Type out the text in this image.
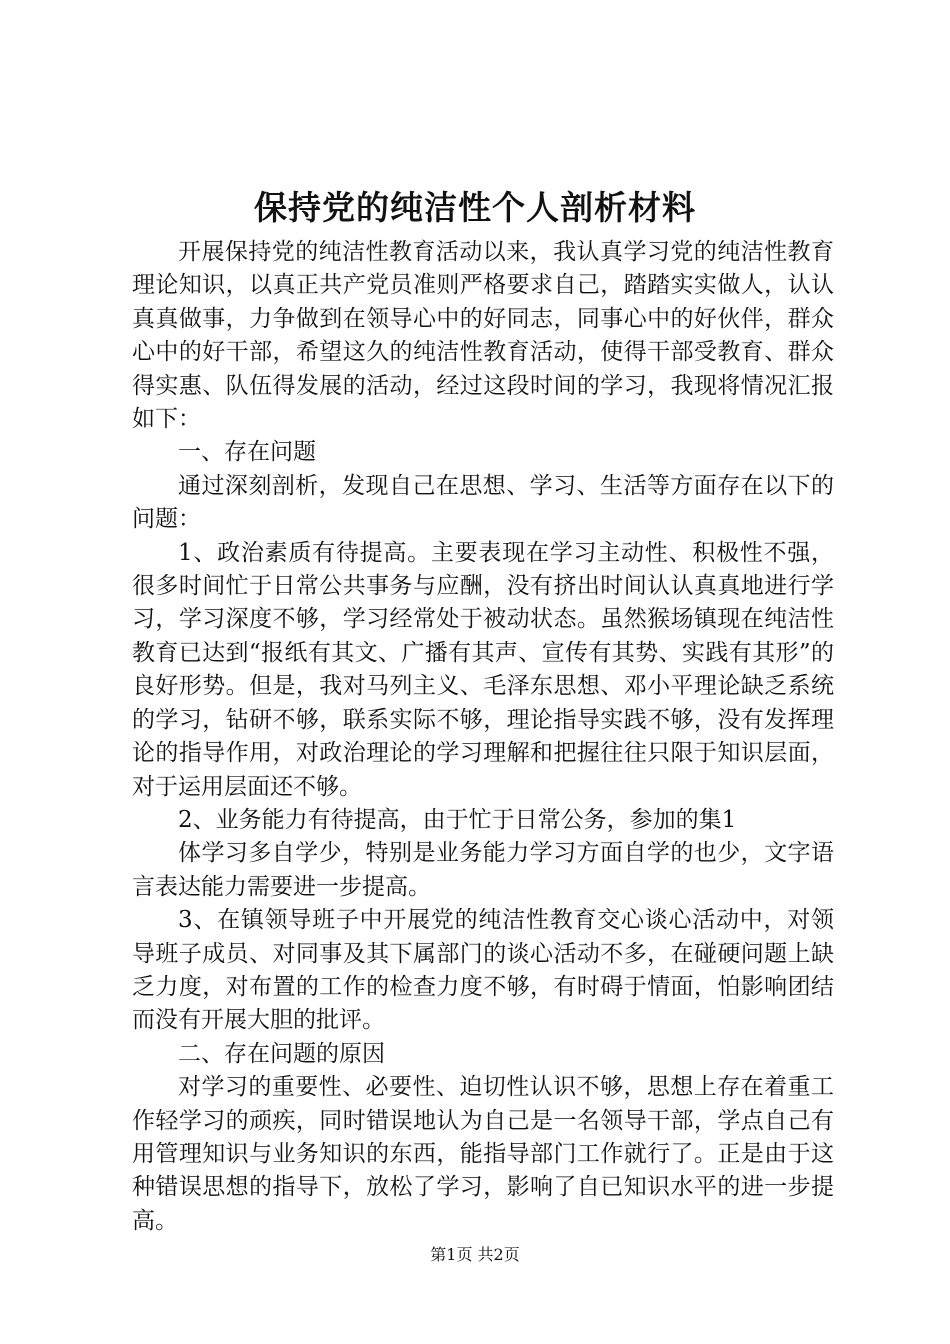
保持党的纯洁性个人剖析材料

开展保持党的纯洁性教育活动以来，我认真学习党的纯洁性教育理论知识，以真正共产党员准则严格要求自己，踏踏实实做人，认认真真做事，力争做到在领导心中的好同志，同事心中的好伙伴，群众心中的好干部，希望这久的纯洁性教育活动，使得干部受教育、群众得实惠、队伍得发展的活动，经过这段时间的学习，我现将情况汇报如下：

一、存在问题

通过深刻剖析，发现自己在思想、学习、生活等方面存在以下的问题：

1、政治素质有待提高。主要表现在学习主动性、积极性不强，很多时间忙于日常公共事务与应酬，没有挤出时间认认真真地进行学习，学习深度不够，学习经常处于被动状态。虽然猴场镇现在纯洁性教育已达到“报纸有其文、广播有其声、宣传有其势、实践有其形”的良好形势。但是，我对马列主义、毛泽东思想、邓小平理论缺乏系统的学习，钻研不够，联系实际不够，理论指导实践不够，没有发挥理论的指导作用，对政治理论的学习理解和把握往往只限于知识层面，对于运用层面还不够。

2、业务能力有待提高，由于忙于日常公务，参加的集1

体学习多自学少，特别是业务能力学习方面自学的也少，文字语言表达能力需要进一步提高。

3、在镇领导班子中开展党的纯洁性教育交心谈心活动中，对领导班子成员、对同事及其下属部门的谈心活动不多，在碰硬问题上缺乏力度，对布置的工作的检查力度不够，有时碍于情面，怕影响团结而没有开展大胆的批评。

二、存在问题的原因

对学习的重要性、必要性、迫切性认识不够，思想上存在着重工作轻学习的顽疾，同时错误地认为自己是一名领导干部，学点自己有用管理知识与业务知识的东西，能指导部门工作就行了。正是由于这种错误思想的指导下，放松了学习，影响了自已知识水平的进一步提高。

第1页 共2页
